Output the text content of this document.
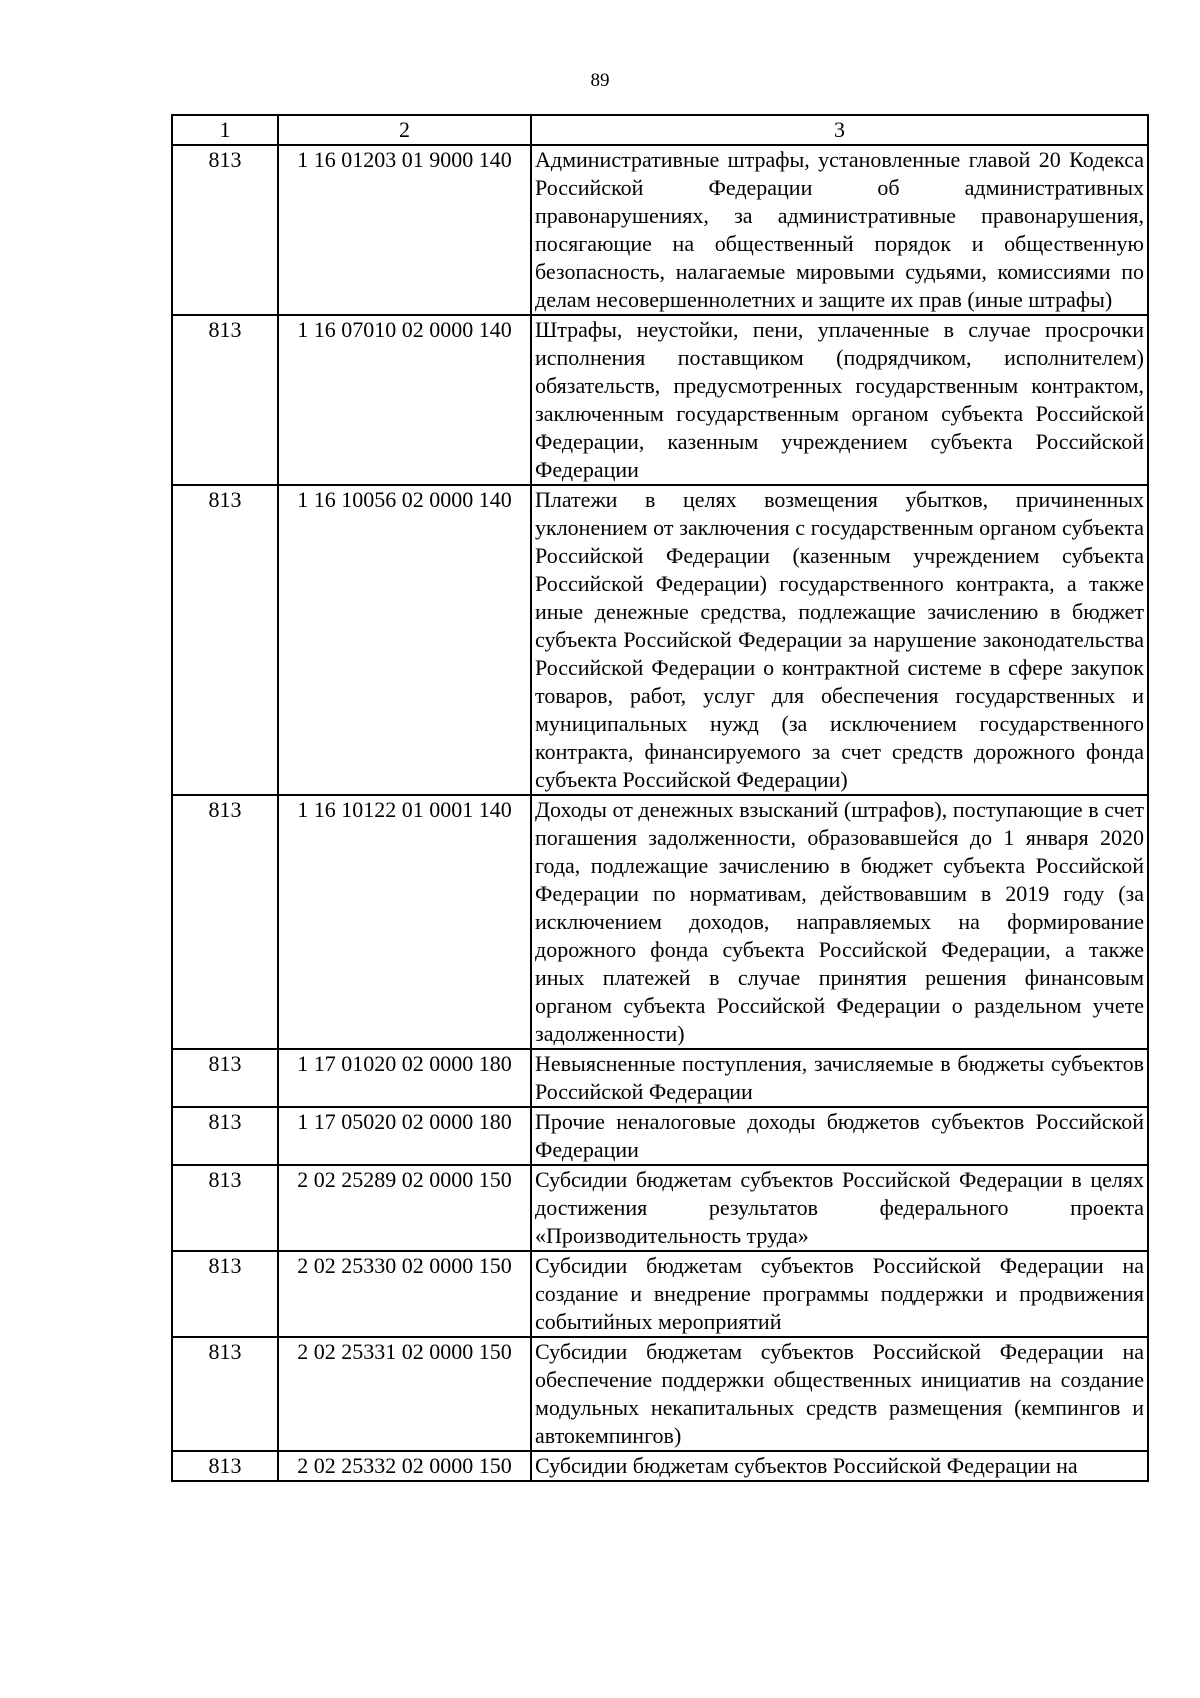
89
1	2	3
813	1 16 01203 01 9000 140	Административные штрафы, установленные главой 20 Кодекса Российской Федерации об административных правонарушениях, за административные правонарушения, посягающие на общественный порядок и общественную безопасность, налагаемые мировыми судьями, комиссиями по делам несовершеннолетних и защите их прав (иные штрафы)
813	1 16 07010 02 0000 140	Штрафы, неустойки, пени, уплаченные в случае просрочки исполнения поставщиком (подрядчиком, исполнителем) обязательств, предусмотренных государственным контрактом, заключенным государственным органом субъекта Российской Федерации, казенным учреждением субъекта Российской Федерации
813	1 16 10056 02 0000 140	Платежи в целях возмещения убытков, причиненных уклонением от заключения с государственным органом субъекта Российской Федерации (казенным учреждением субъекта Российской Федерации) государственного контракта, а также иные денежные средства, подлежащие зачислению в бюджет субъекта Российской Федерации за нарушение законодательства Российской Федерации о контрактной системе в сфере закупок товаров, работ, услуг для обеспечения государственных и муниципальных нужд (за исключением государственного контракта, финансируемого за счет средств дорожного фонда субъекта Российской Федерации)
813	1 16 10122 01 0001 140	Доходы от денежных взысканий (штрафов), поступающие в счет погашения задолженности, образовавшейся до 1 января 2020 года, подлежащие зачислению в бюджет субъекта Российской Федерации по нормативам, действовавшим в 2019 году (за исключением доходов, направляемых на формирование дорожного фонда субъекта Российской Федерации, а также иных платежей в случае принятия решения финансовым органом субъекта Российской Федерации о раздельном учете задолженности)
813	1 17 01020 02 0000 180	Невыясненные поступления, зачисляемые в бюджеты субъектов Российской Федерации
813	1 17 05020 02 0000 180	Прочие неналоговые доходы бюджетов субъектов Российской Федерации
813	2 02 25289 02 0000 150	Субсидии бюджетам субъектов Российской Федерации в целях достижения результатов федерального проекта «Производительность труда»
813	2 02 25330 02 0000 150	Субсидии бюджетам субъектов Российской Федерации на создание и внедрение программы поддержки и продвижения событийных мероприятий
813	2 02 25331 02 0000 150	Субсидии бюджетам субъектов Российской Федерации на обеспечение поддержки общественных инициатив на создание модульных некапитальных средств размещения (кемпингов и автокемпингов)
813	2 02 25332 02 0000 150	Субсидии бюджетам субъектов Российской Федерации на
